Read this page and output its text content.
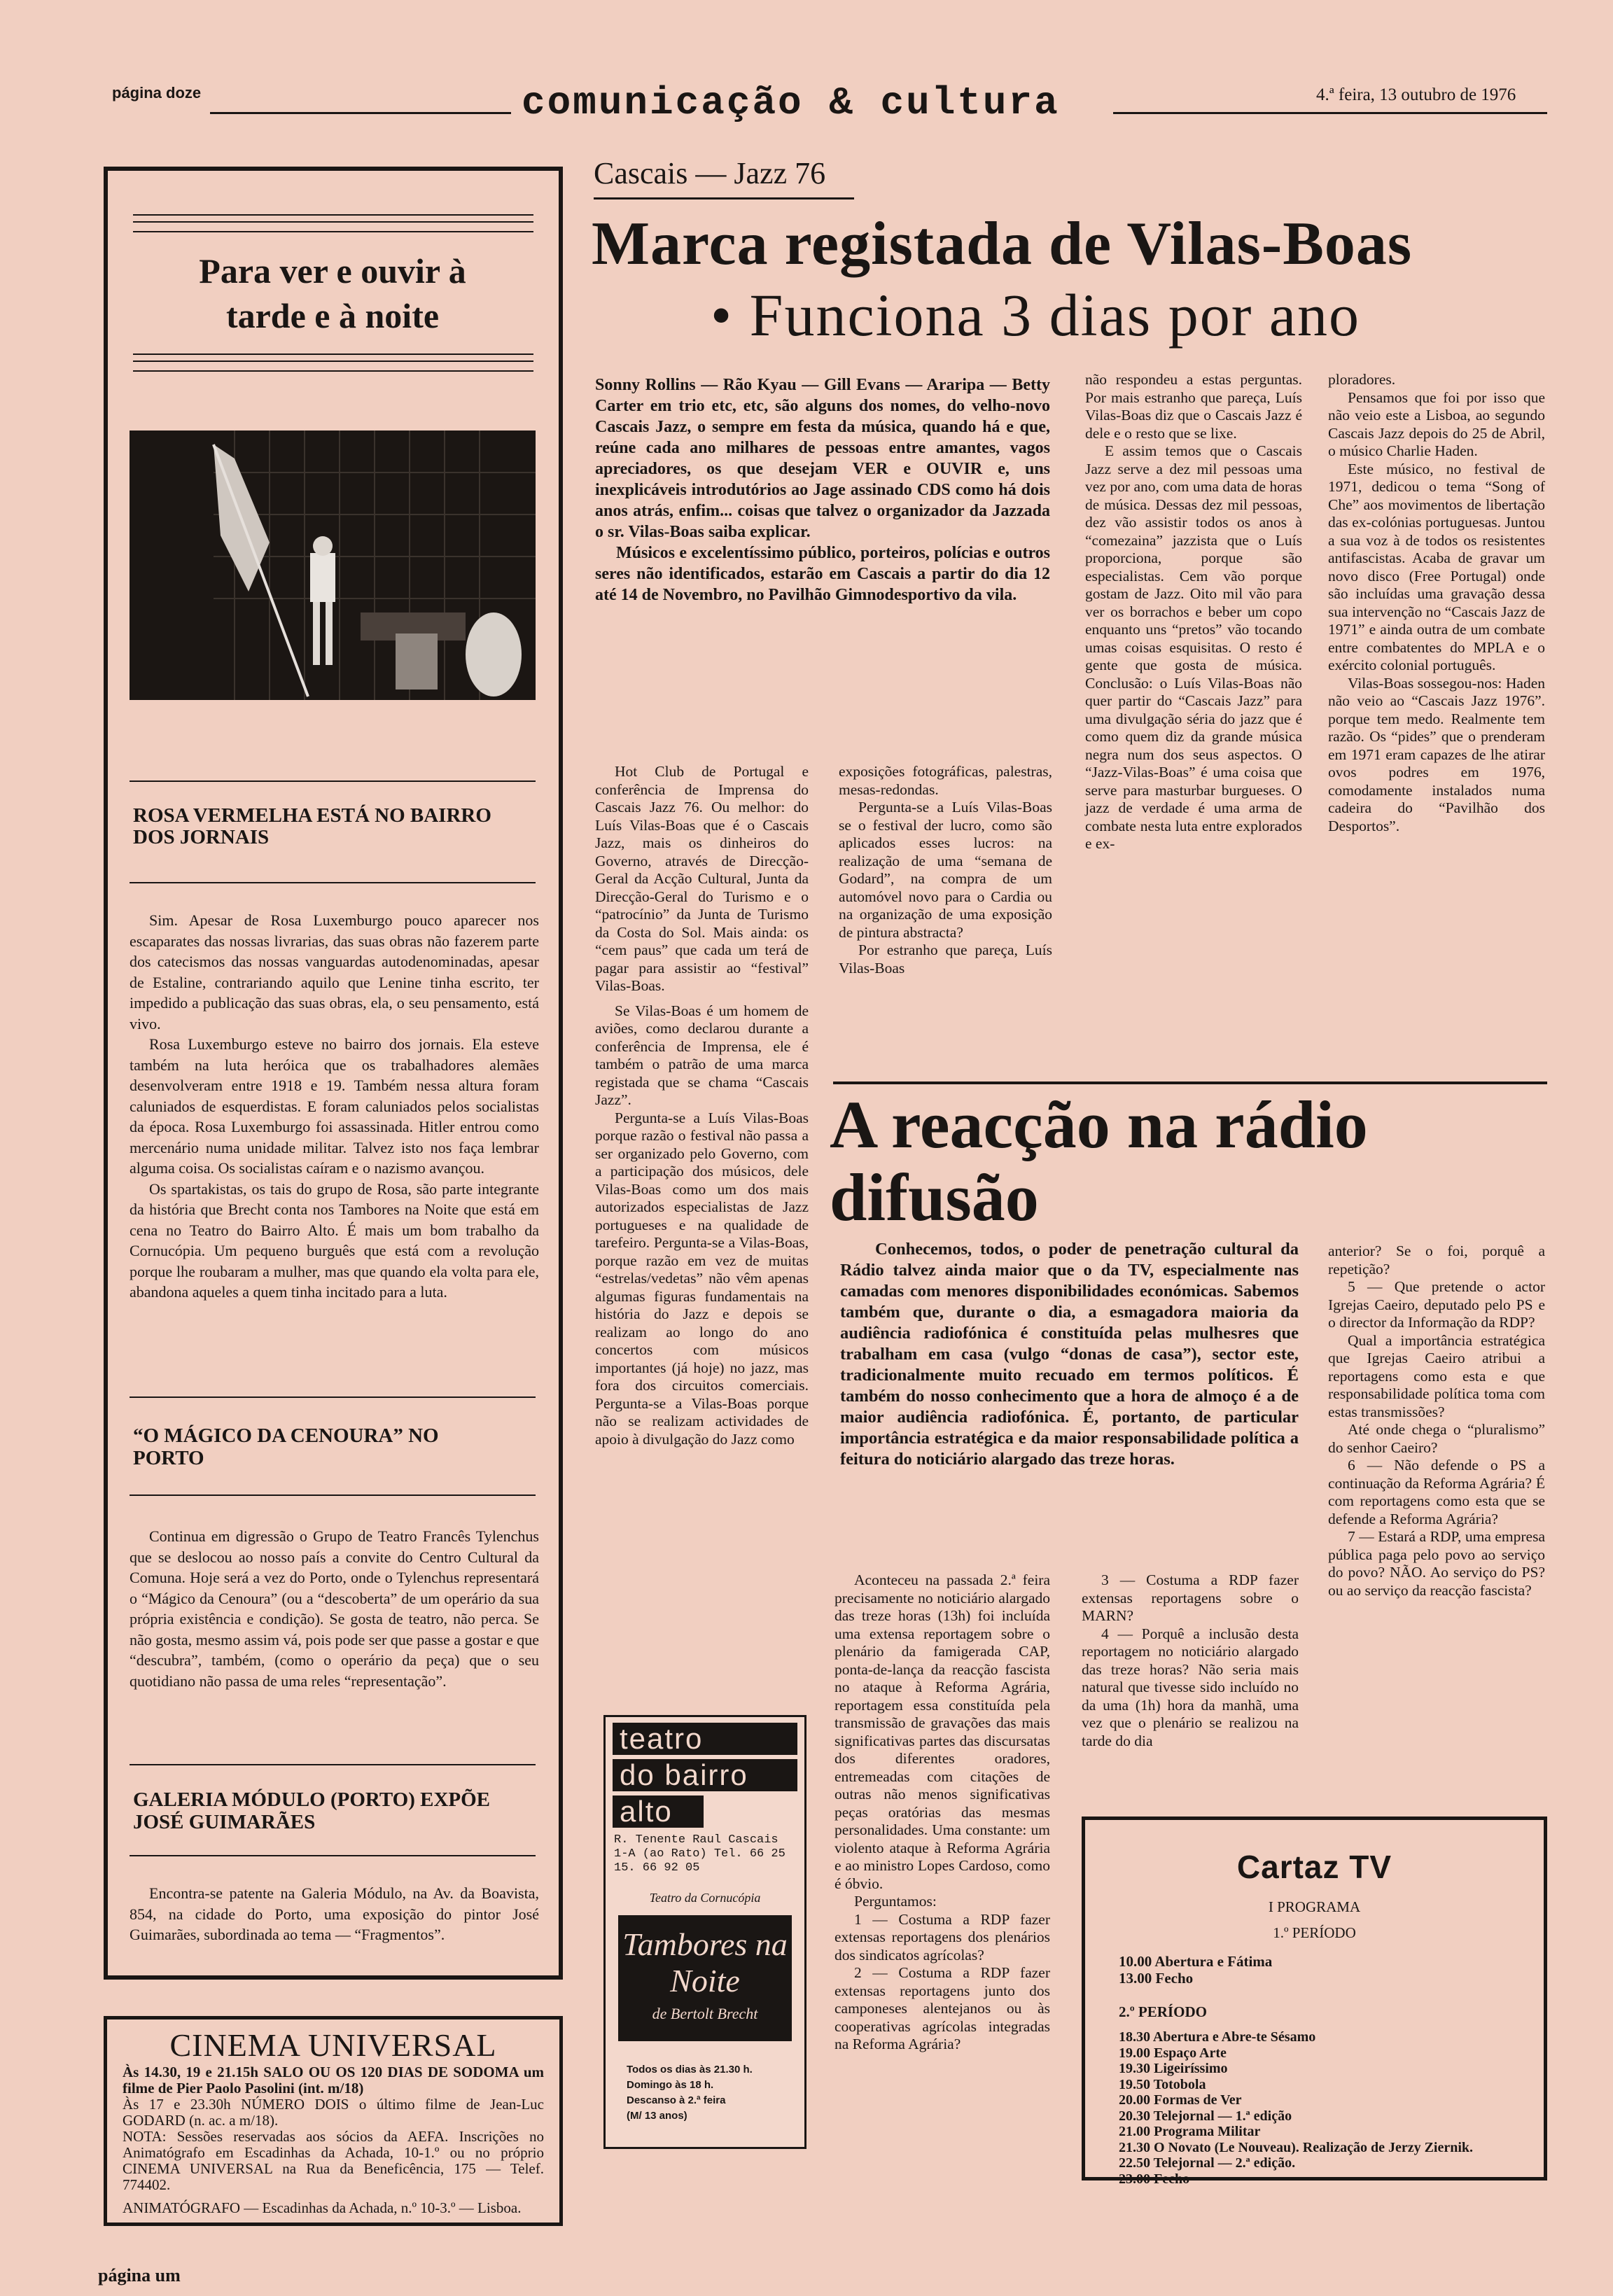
página doze	comunicação & cultura	4.ª feira, 13 outubro de 1976
Para ver e ouvir à tarde e à noite
ROSA VERMELHA ESTÁ NO BAIRRO DOS JORNAIS

Sim. Apesar de Rosa Luxemburgo pouco aparecer nos escaparates das nossas livrarias, das suas obras não fazerem parte dos catecismos das nossas vanguardas autodenominadas, apesar de Estaline, contrariando aquilo que Lenine tinha escrito, ter impedido a publicação das suas obras, ela, o seu pensamento, está vivo.

Rosa Luxemburgo esteve no bairro dos jornais. Ela esteve também na luta heróica que os trabalhadores alemães desenvolveram entre 1918 e 19. Também nessa altura foram caluniados de esquerdistas. E foram caluniados pelos socialistas da época. Rosa Luxemburgo foi assassinada. Hitler entrou como mercenário numa unidade militar. Talvez isto nos faça lembrar alguma coisa. Os socialistas caíram e o nazismo avançou.

Os spartakistas, os tais do grupo de Rosa, são parte integrante da história que Brecht conta nos Tambores na Noite que está em cena no Teatro do Bairro Alto. É mais um bom trabalho da Cornucópia. Um pequeno burguês que está com a revolução porque lhe roubaram a mulher, mas que quando ela volta para ele, abandona aqueles a quem tinha incitado para a luta.

“O MÁGICO DA CENOURA” NO PORTO

Continua em digressão o Grupo de Teatro Francês Tylenchus que se deslocou ao nosso país a convite do Centro Cultural da Comuna. Hoje será a vez do Porto, onde o Tylenchus representará o “Mágico da Cenoura” (ou a “descoberta” de um operário da sua própria existência e condição). Se gosta de teatro, não perca. Se não gosta, mesmo assim vá, pois pode ser que passe a gostar e que “descubra”, também, (como o operário da peça) que o seu quotidiano não passa de uma reles “representação”.

GALERIA MÓDULO (PORTO) EXPÕE JOSÉ GUIMARÃES

Encontra-se patente na Galeria Módulo, na Av. da Boavista, 854, na cidade do Porto, uma exposição do pintor José Guimarães, subordinada ao tema — “Fragmentos”.

CINEMA UNIVERSAL
Às 14.30, 19 e 21.15h SALO OU OS 120 DIAS DE SODOMA um filme de Pier Paolo Pasolini (int. m/18)
Às 17 e 23.30h NÚMERO DOIS o último filme de Jean-Luc GODARD (n. ac. a m/18).
NOTA: Sessões reservadas aos sócios da AEFA. Inscrições no Animatógrafo em Escadinhas da Achada, 10-1.º ou no próprio CINEMA UNIVERSAL na Rua da Beneficência, 175 — Telef. 774402.
ANIMATÓGRAFO — Escadinhas da Achada, n.º 10-3.º — Lisboa.
página um
Cascais — Jazz 76
Marca registada de Vilas-Boas
• Funciona 3 dias por ano

Sonny Rollins — Rão Kyau — Gill Evans — Araripa — Betty Carter em trio etc, etc, são alguns dos nomes, do velho-novo Cascais Jazz, o sempre em festa da música, quando há e que, reúne cada ano milhares de pessoas entre amantes, vagos apreciadores, os que desejam VER e OUVIR e, uns inexplicáveis introdutórios ao Jage assinado CDS como há dois anos atrás, enfim... coisas que talvez o organizador da Jazzada o sr. Vilas-Boas saiba explicar.

Músicos e excelentíssimo público, porteiros, polícias e outros seres não identificados, estarão em Cascais a partir do dia 12 até 14 de Novembro, no Pavilhão Gimnodesportivo da vila.

Hot Club de Portugal e conferência de Imprensa do Cascais Jazz 76. Ou melhor: do Luís Vilas-Boas que é o Cascais Jazz, mais os dinheiros do Governo, através de Direcção-Geral da Acção Cultural, Junta da Direcção-Geral do Turismo e o “patrocínio” da Junta de Turismo da Costa do Sol. Mais ainda: os “cem paus” que cada um terá de pagar para assistir ao “festival” Vilas-Boas.

Se Vilas-Boas é um homem de aviões, como declarou durante a conferência de Imprensa, ele é também o patrão de uma marca registada que se chama “Cascais Jazz”.

Pergunta-se a Luís Vilas-Boas porque razão o festival não passa a ser organizado pelo Governo, com a participação dos músicos, dele Vilas-Boas como um dos mais autorizados especialistas de Jazz portugueses e na qualidade de tarefeiro. Pergunta-se a Vilas-Boas, porque razão em vez de muitas “estrelas/vedetas” não vêm apenas algumas figuras fundamentais na história do Jazz e depois se realizam ao longo do ano concertos com músicos importantes (já hoje) no jazz, mas fora dos circuitos comerciais. Pergunta-se a Vilas-Boas porque não se realizam actividades de apoio à divulgação do Jazz como

exposições fotográficas, palestras, mesas-redondas.

Pergunta-se a Luís Vilas-Boas se o festival der lucro, como são aplicados esses lucros: na realização de uma “semana de Godard”, na compra de um automóvel novo para o Cardia ou na organização de uma exposição de pintura abstracta?

Por estranho que pareça, Luís Vilas-Boas

não respondeu a estas perguntas. Por mais estranho que pareça, Luís Vilas-Boas diz que o Cascais Jazz é dele e o resto que se lixe.

E assim temos que o Cascais Jazz serve a dez mil pessoas uma vez por ano, com uma data de horas de música. Dessas dez mil pessoas, dez vão assistir todos os anos à “comezaina” jazzista que o Luís proporciona, porque são especialistas. Cem vão porque gostam de Jazz. Oito mil vão para ver os borrachos e beber um copo enquanto uns “pretos” vão tocando umas coisas esquisitas. O resto é gente que gosta de música. Conclusão: o Luís Vilas-Boas não quer partir do “Cascais Jazz” para uma divulgação séria do jazz que é como quem diz da grande música negra num dos seus aspectos. O “Jazz-Vilas-Boas” é uma coisa que serve para masturbar burgueses. O jazz de verdade é uma arma de combate nesta luta entre explorados e ex-

ploradores.

Pensamos que foi por isso que não veio este a Lisboa, ao segundo Cascais Jazz depois do 25 de Abril, o músico Charlie Haden.

Este músico, no festival de 1971, dedicou o tema “Song of Che” aos movimentos de libertação das ex-colónias portuguesas. Juntou a sua voz à de todos os resistentes antifascistas. Acaba de gravar um novo disco (Free Portugal) onde são incluídas uma gravação dessa sua intervenção no “Cascais Jazz de 1971” e ainda outra de um combate entre combatentes do MPLA e o exército colonial português.

Vilas-Boas sossegou-nos: Haden não veio ao “Cascais Jazz 1976”. porque tem medo. Realmente tem razão. Os “pides” que o prenderam em 1971 eram capazes de lhe atirar ovos podres em 1976, comodamente instalados numa cadeira do “Pavilhão dos Desportos”.

teatro
do bairro
alto
R. Tenente Raul Cascais 1-A (ao Rato) Tel. 66 25 15. 66 92 05
Teatro da Cornucópia
Tambores na Noite
de Bertolt Brecht
Todos os dias às 21.30 h.
Domingo às 18 h.
Descanso à 2.ª feira
(M/ 13 anos)
A reacção na rádio difusão
Conhecemos, todos, o poder de penetração cultural da Rádio talvez ainda maior que o da TV, especialmente nas camadas com menores disponibilidades económicas. Sabemos também que, durante o dia, a esmagadora maioria da audiência radiofónica é constituída pelas mulhesres que trabalham em casa (vulgo “donas de casa”), sector este, tradicionalmente muito recuado em termos políticos. É também do nosso conhecimento que a hora de almoço é a de maior audiência radiofónica. É, portanto, de particular importância estratégica e da maior responsabilidade política a feitura do noticiário alargado das treze horas.

Aconteceu na passada 2.ª feira precisamente no noticiário alargado das treze horas (13h) foi incluída uma extensa reportagem sobre o plenário da famigerada CAP, ponta-de-lança da reacção fascista no ataque à Reforma Agrária, reportagem essa constituída pela transmissão de gravações das mais significativas partes das discursatas dos diferentes oradores, entremeadas com citações de outras não menos significativas peças oratórias das mesmas personalidades. Uma constante: um violento ataque à Reforma Agrária e ao ministro Lopes Cardoso, como é óbvio.

Perguntamos:

1 — Costuma a RDP fazer extensas reportagens dos plenários dos sindicatos agrícolas?

2 — Costuma a RDP fazer extensas reportagens junto dos camponeses alentejanos ou às cooperativas agrícolas integradas na Reforma Agrária?

3 — Costuma a RDP fazer extensas reportagens sobre o MARN?

4 — Porquê a inclusão desta reportagem no noticiário alargado das treze horas? Não seria mais natural que tivesse sido incluído no da uma (1h) hora da manhã, uma vez que o plenário se realizou na tarde do dia

anterior? Se o foi, porquê a repetição?

5 — Que pretende o actor Igrejas Caeiro, deputado pelo PS e o director da Informação da RDP?

Qual a importância estratégica que Igrejas Caeiro atribui a reportagens como esta e que responsabilidade política toma com estas transmissões?

Até onde chega o “pluralismo” do senhor Caeiro?

6 — Não defende o PS a continuação da Reforma Agrária? É com reportagens como esta que se defende a Reforma Agrária?

7 — Estará a RDP, uma empresa pública paga pelo povo ao serviço do povo? NÃO. Ao serviço do PS? ou ao serviço da reacção fascista?

Cartaz TV
I PROGRAMA
1.º PERÍODO
10.00 Abertura e Fátima
13.00 Fecho
2.º PERÍODO
18.30 Abertura e Abre-te Sésamo
19.00 Espaço Arte
19.30 Ligeiríssimo
19.50 Totobola
20.00 Formas de Ver
20.30 Telejornal — 1.ª edição
21.00 Programa Militar
21.30 O Novato (Le Nouveau). Realização de Jerzy Ziernik.
22.50 Telejornal — 2.ª edição.
23.00 Fecho
